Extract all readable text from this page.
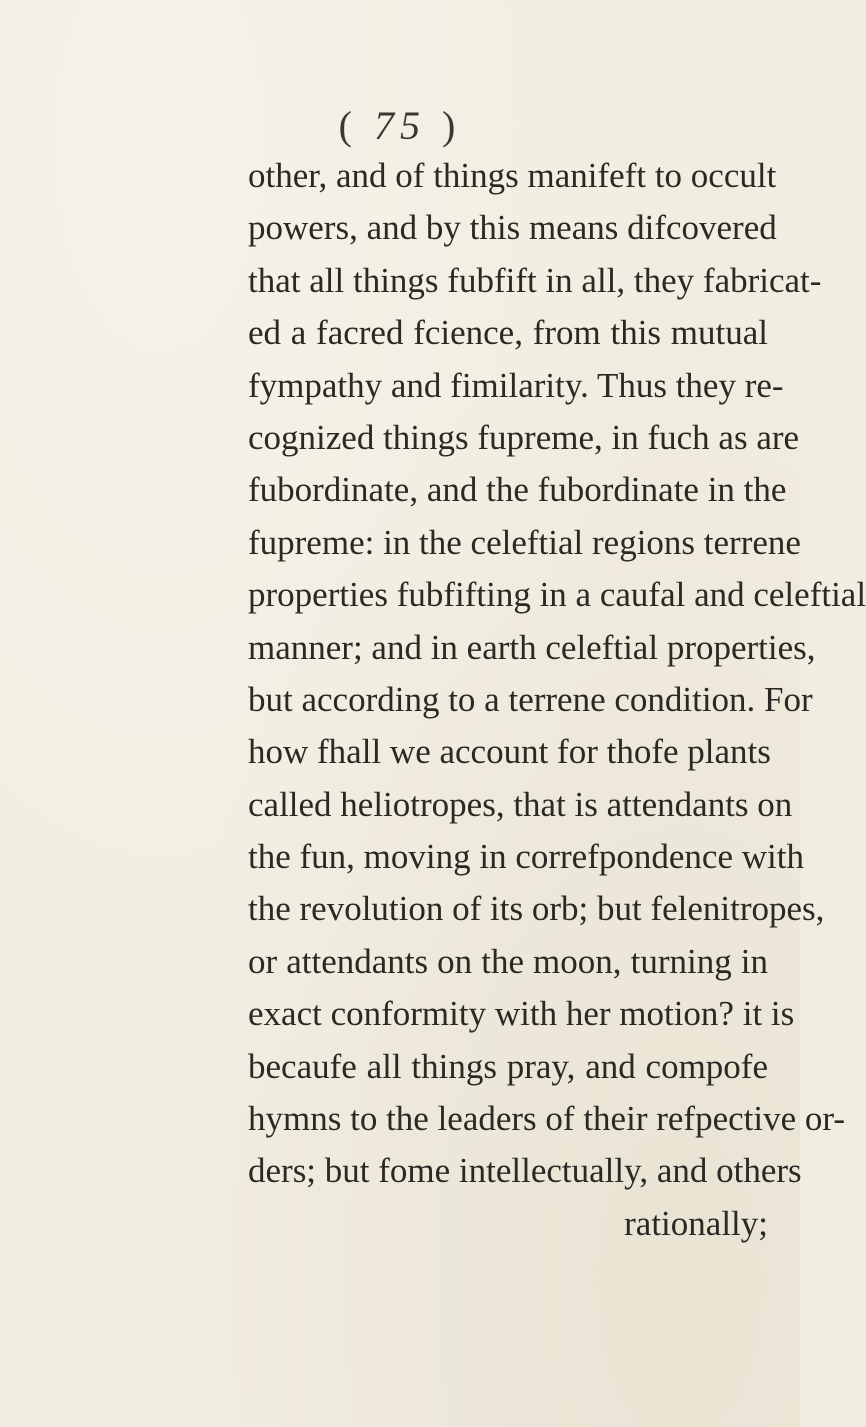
( 75 )
other, and of things manifeft to occult
powers, and by this means difcovered
that all things fubfift in all, they fabricat-
ed a facred fcience, from this mutual
fympathy and fimilarity. Thus they re-
cognized things fupreme, in fuch as are
fubordinate, and the fubordinate in the
fupreme: in the celeftial regions terrene
properties fubfifting in a caufal and celeftial
manner; and in earth celeftial properties,
but according to a terrene condition. For
how fhall we account for thofe plants
called heliotropes, that is attendants on
the fun, moving in correfpondence with
the revolution of its orb; but felenitropes,
or attendants on the moon, turning in
exact conformity with her motion? it is
becaufe all things pray, and compofe
hymns to the leaders of their refpective or-
ders; but fome intellectually, and others
rationally;
